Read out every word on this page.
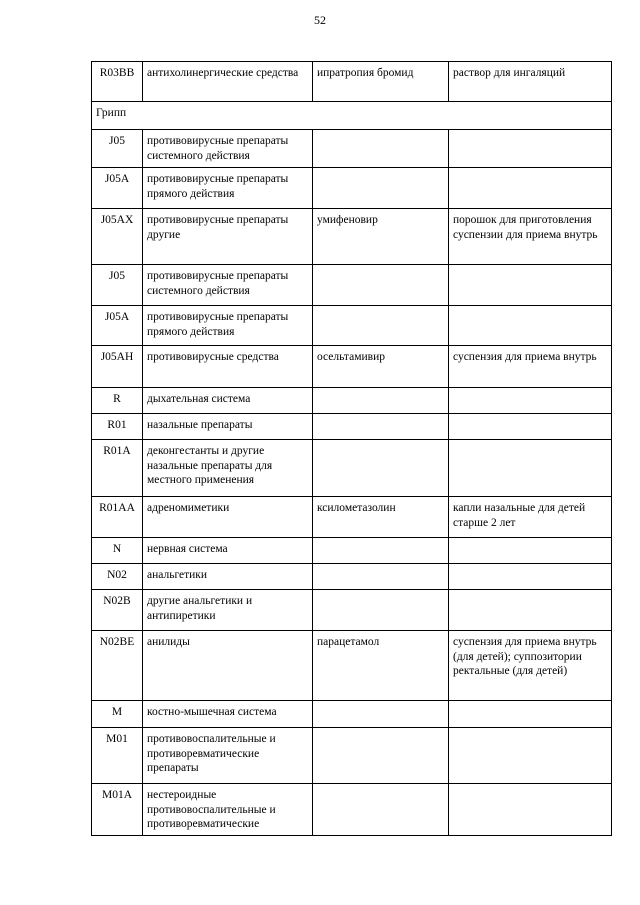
52
R03BB	антихолинергические средства	ипратропия бромид	раствор для ингаляций
Грипп			
J05	противовирусные препараты системного действия		
J05A	противовирусные препараты прямого действия		
J05AX	противовирусные препараты другие	умифеновир	порошок для приготовления суспензии для приема внутрь
J05	противовирусные препараты системного действия		
J05A	противовирусные препараты прямого действия		
J05AH	противовирусные средства	осельтамивир	суспензия для приема внутрь
R	дыхательная система		
R01	назальные препараты		
R01A	деконгестанты и другие назальные препараты для местного применения		
R01AA	адреномиметики	ксилометазолин	капли назальные для детей старше 2 лет
N	нервная система		
N02	анальгетики		
N02B	другие анальгетики и антипиретики		
N02BE	анилиды	парацетамол	суспензия для приема внутрь (для детей); суппозитории ректальные (для детей)
M	костно-мышечная система		
M01	противовоспалительные и противоревматические препараты		
M01A	нестероидные противовоспалительные и противоревматические		
